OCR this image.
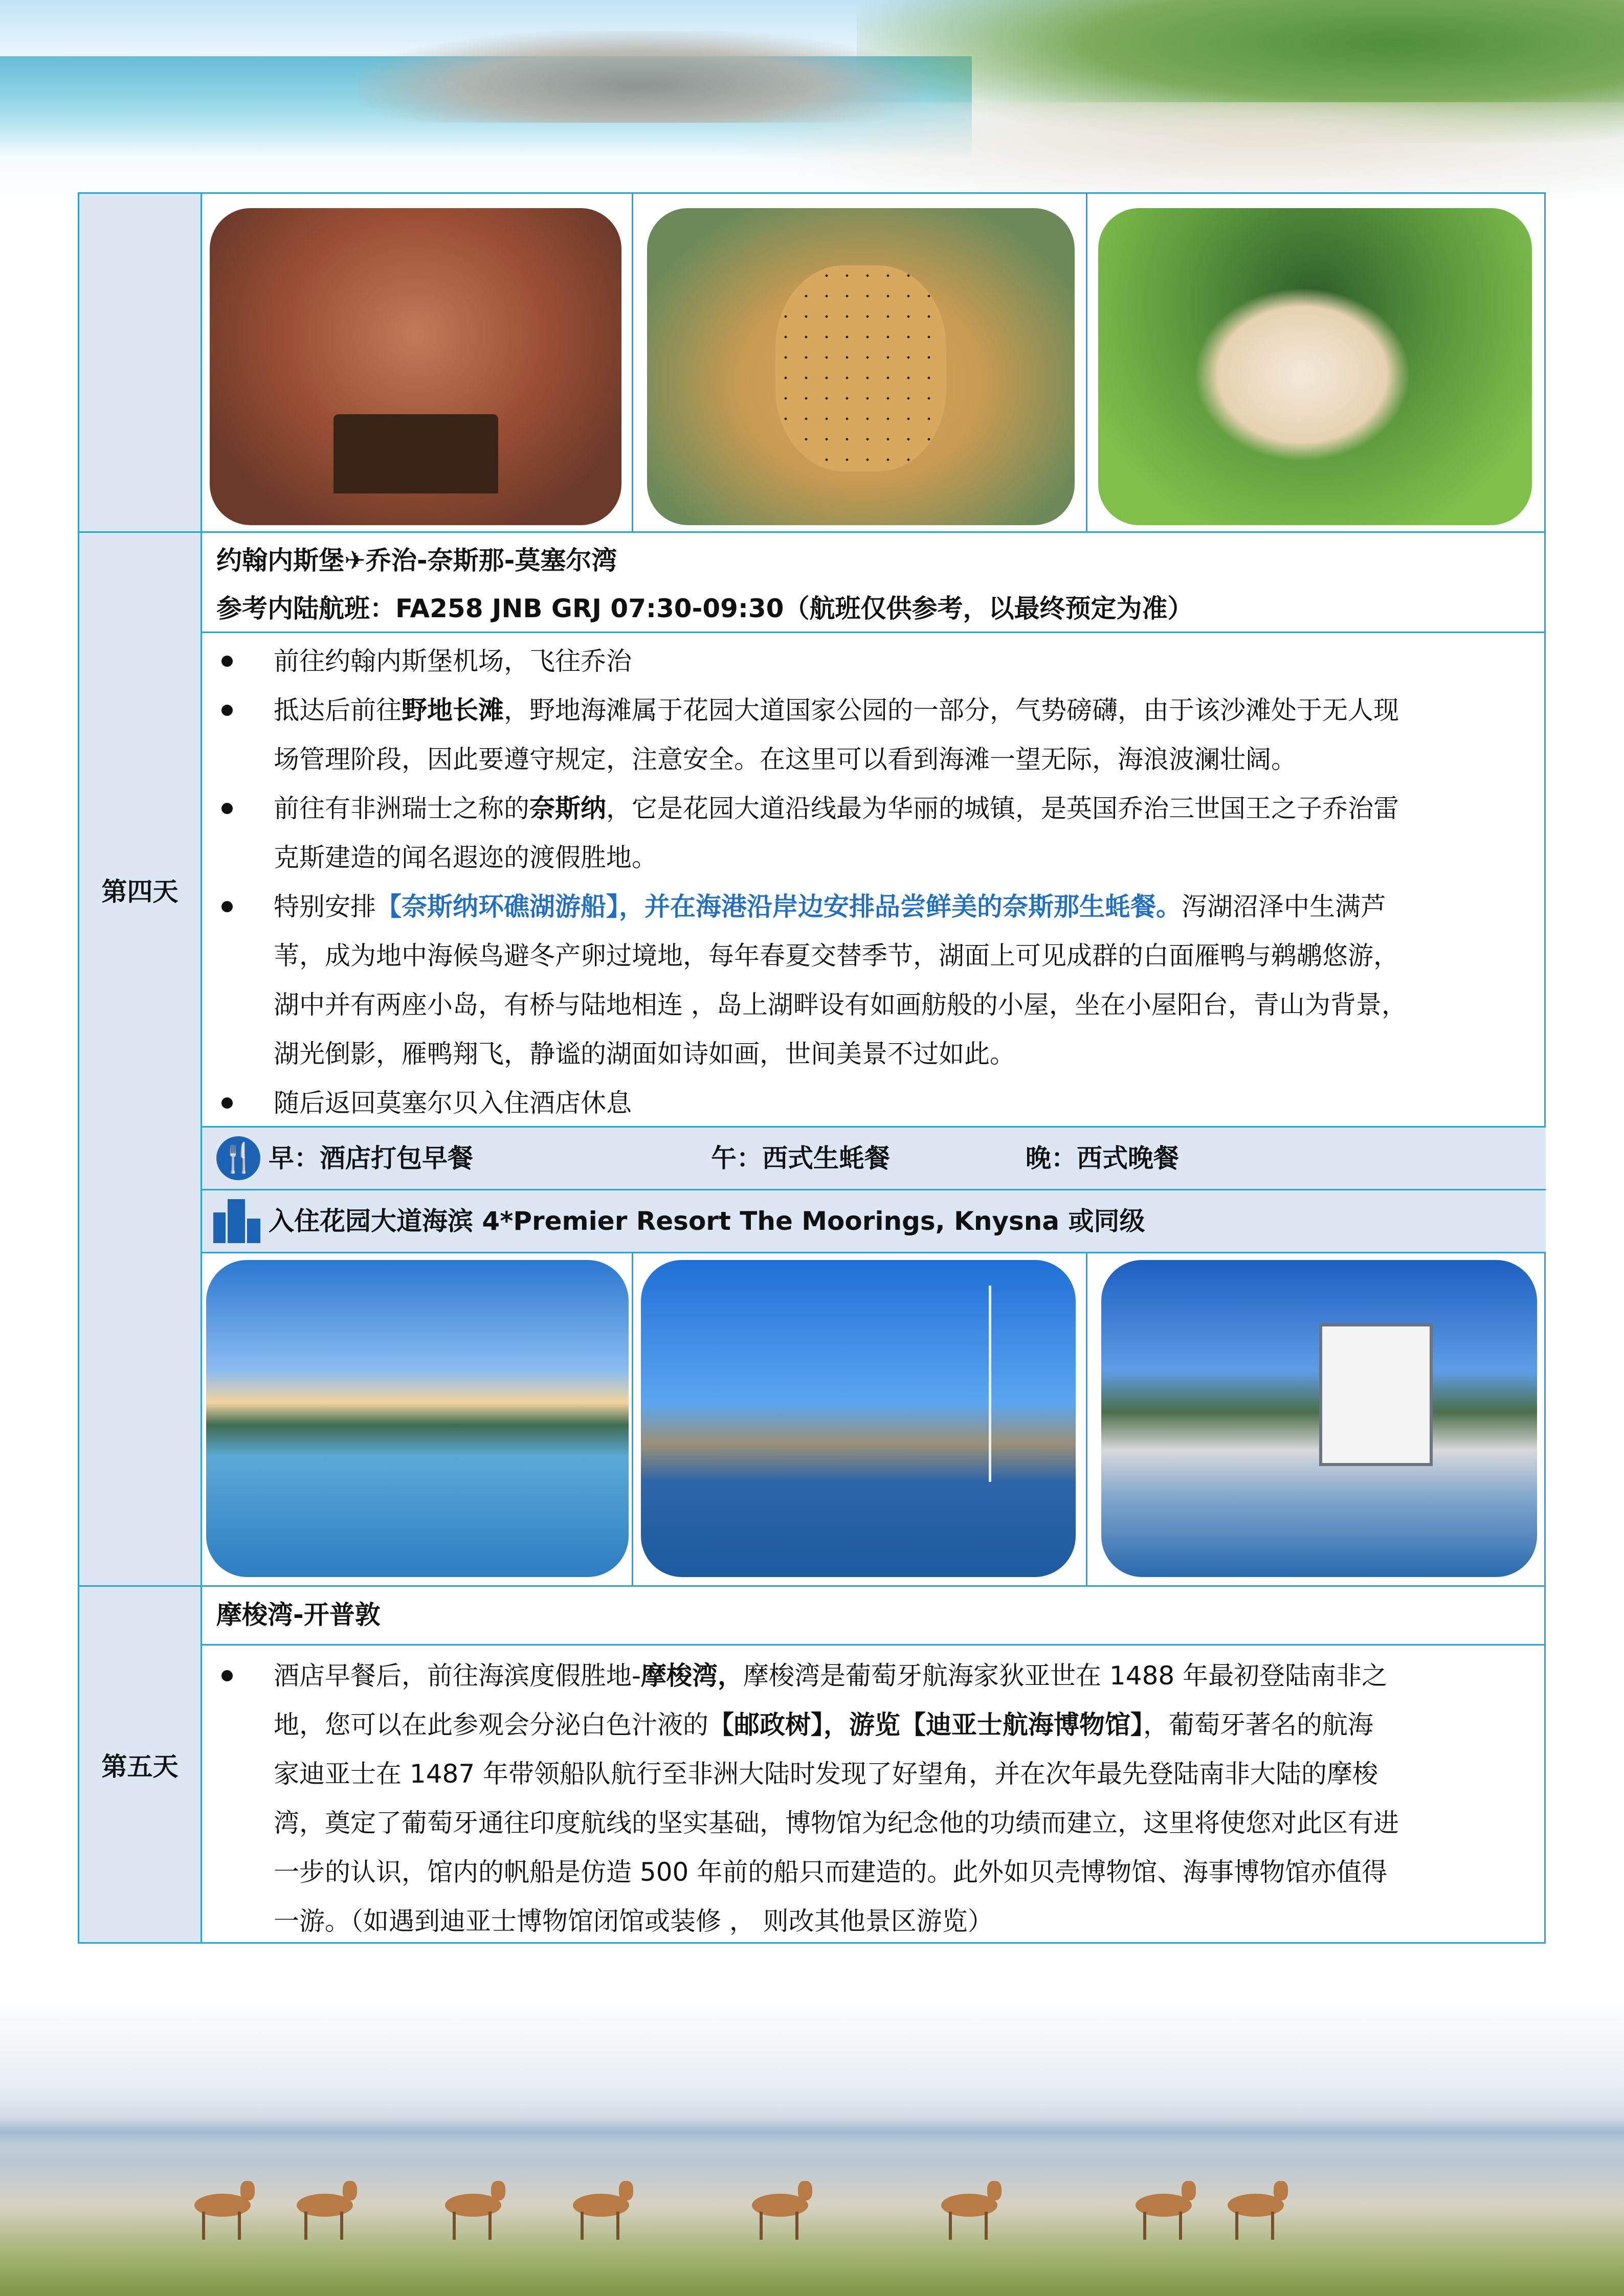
第四天
第五天
约翰内斯堡✈乔治-奈斯那-莫塞尔湾
参考内陆航班：FA258 JNB GRJ 07:30-09:30（航班仅供参考，以最终预定为准）
前往约翰内斯堡机场，飞往乔治
抵达后前往野地长滩，野地海滩属于花园大道国家公园的一部分，气势磅礴，由于该沙滩处于无人现
场管理阶段，因此要遵守规定，注意安全。在这里可以看到海滩一望无际，海浪波澜壮阔。
前往有非洲瑞士之称的奈斯纳，它是花园大道沿线最为华丽的城镇，是英国乔治三世国王之子乔治雷
克斯建造的闻名遐迩的渡假胜地。
特别安排【奈斯纳环礁湖游船】，并在海港沿岸边安排品尝鲜美的奈斯那生蚝餐。泻湖沼泽中生满芦
苇，成为地中海候鸟避冬产卵过境地，每年春夏交替季节，湖面上可见成群的白面雁鸭与鹈鹕悠游，
湖中并有两座小岛，有桥与陆地相连 ，岛上湖畔设有如画舫般的小屋，坐在小屋阳台，青山为背景，
湖光倒影，雁鸭翔飞，静谧的湖面如诗如画，世间美景不过如此。
随后返回莫塞尔贝入住酒店休息
🍴 早：酒店打包早餐	午：西式生蚝餐	晚：西式晚餐
入住花园大道海滨 4*Premier Resort The Moorings, Knysna 或同级
摩梭湾-开普敦
酒店早餐后，前往海滨度假胜地-摩梭湾，摩梭湾是葡萄牙航海家狄亚世在 1488 年最初登陆南非之
地，您可以在此参观会分泌白色汁液的【邮政树】，游览【迪亚士航海博物馆】，葡萄牙著名的航海
家迪亚士在 1487 年带领船队航行至非洲大陆时发现了好望角，并在次年最先登陆南非大陆的摩梭
湾，奠定了葡萄牙通往印度航线的坚实基础，博物馆为纪念他的功绩而建立，这里将使您对此区有进
一步的认识，馆内的帆船是仿造 500 年前的船只而建造的。此外如贝壳博物馆、海事博物馆亦值得
一游。（如遇到迪亚士博物馆闭馆或装修 ， 则改其他景区游览）
